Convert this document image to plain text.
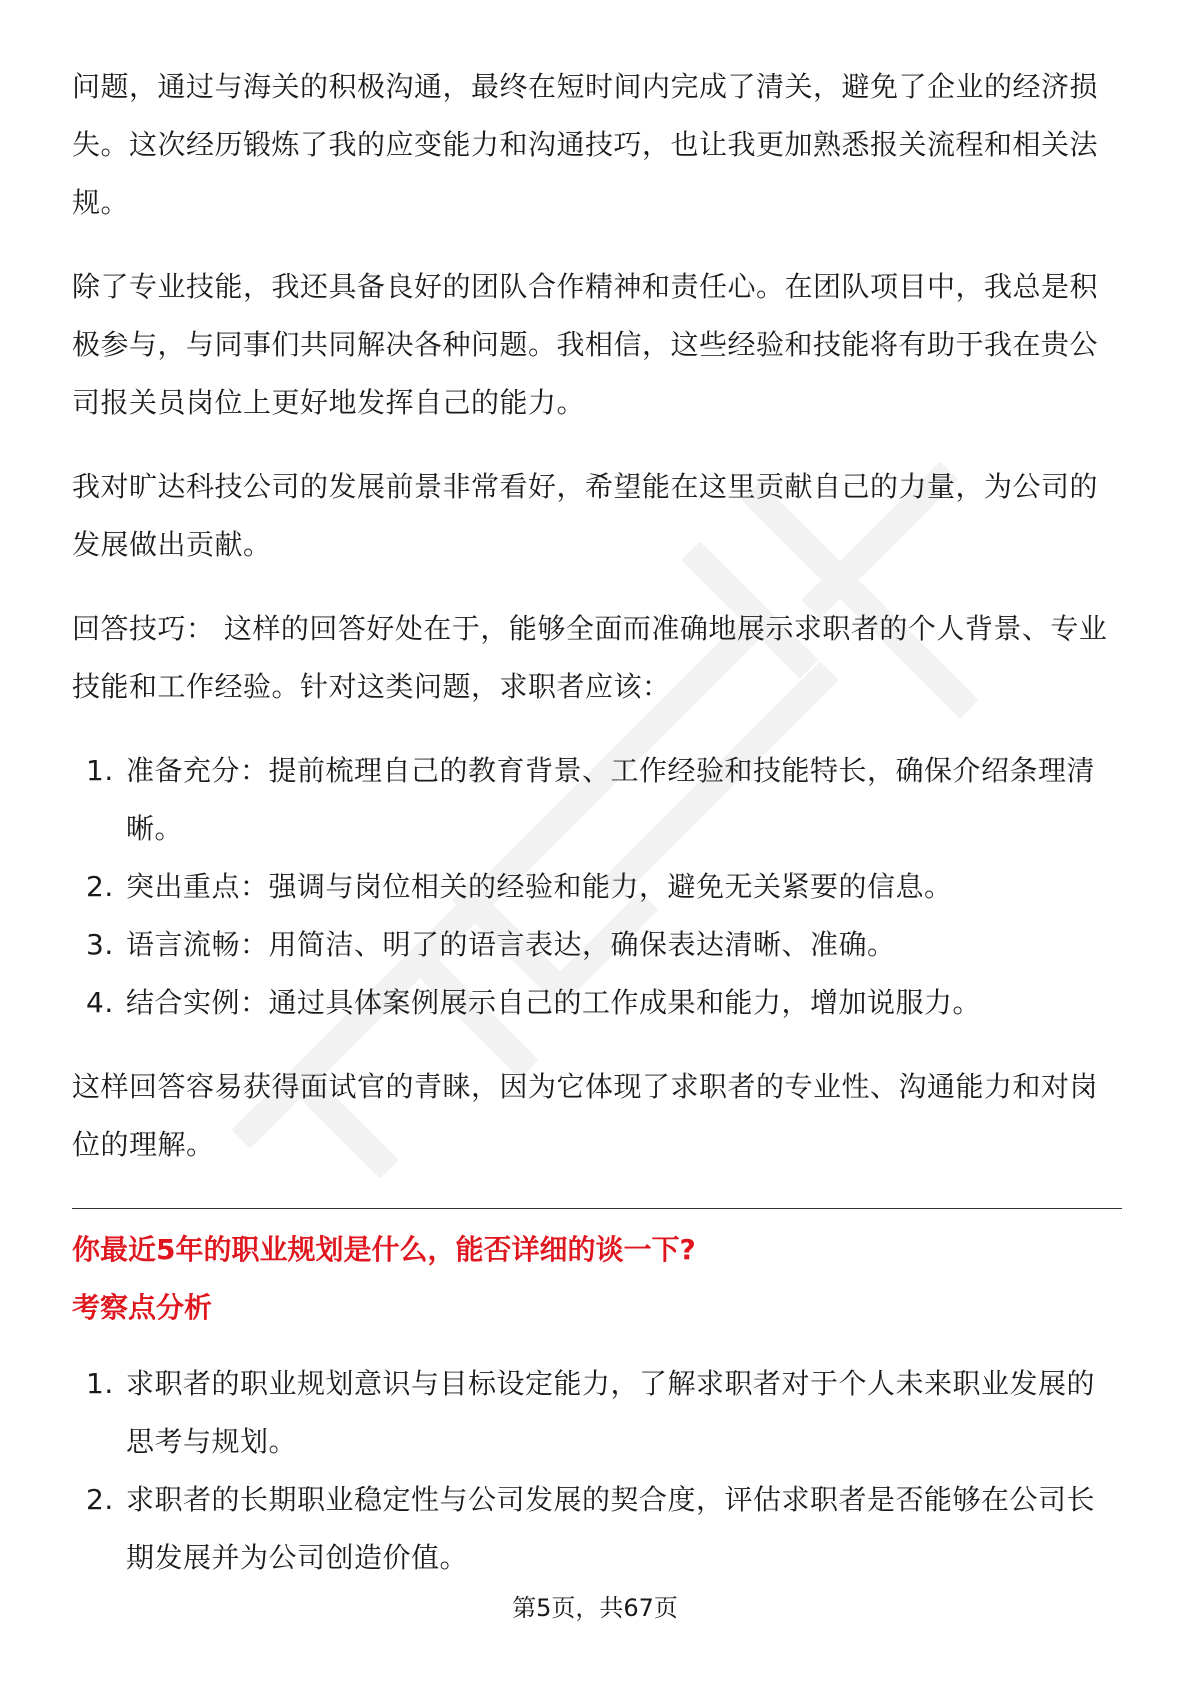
问题，通过与海关的积极沟通，最终在短时间内完成了清关，避免了企业的经济损失。这次经历锻炼了我的应变能力和沟通技巧，也让我更加熟悉报关流程和相关法规。

除了专业技能，我还具备良好的团队合作精神和责任心。在团队项目中，我总是积极参与，与同事们共同解决各种问题。我相信，这些经验和技能将有助于我在贵公司报关员岗位上更好地发挥自己的能力。

我对旷达科技公司的发展前景非常看好，希望能在这里贡献自己的力量，为公司的发展做出贡献。

回答技巧： 这样的回答好处在于，能够全面而准确地展示求职者的个人背景、专业技能和工作经验。针对这类问题，求职者应该：

1. 准备充分：提前梳理自己的教育背景、工作经验和技能特长，确保介绍条理清晰。
2. 突出重点：强调与岗位相关的经验和能力，避免无关紧要的信息。
3. 语言流畅：用简洁、明了的语言表达，确保表达清晰、准确。
4. 结合实例：通过具体案例展示自己的工作成果和能力，增加说服力。

这样回答容易获得面试官的青睐，因为它体现了求职者的专业性、沟通能力和对岗位的理解。

你最近5年的职业规划是什么，能否详细的谈一下?

考察点分析

1. 求职者的职业规划意识与目标设定能力，了解求职者对于个人未来职业发展的思考与规划。
2. 求职者的长期职业稳定性与公司发展的契合度，评估求职者是否能够在公司长期发展并为公司创造价值。
第5页，共67页
